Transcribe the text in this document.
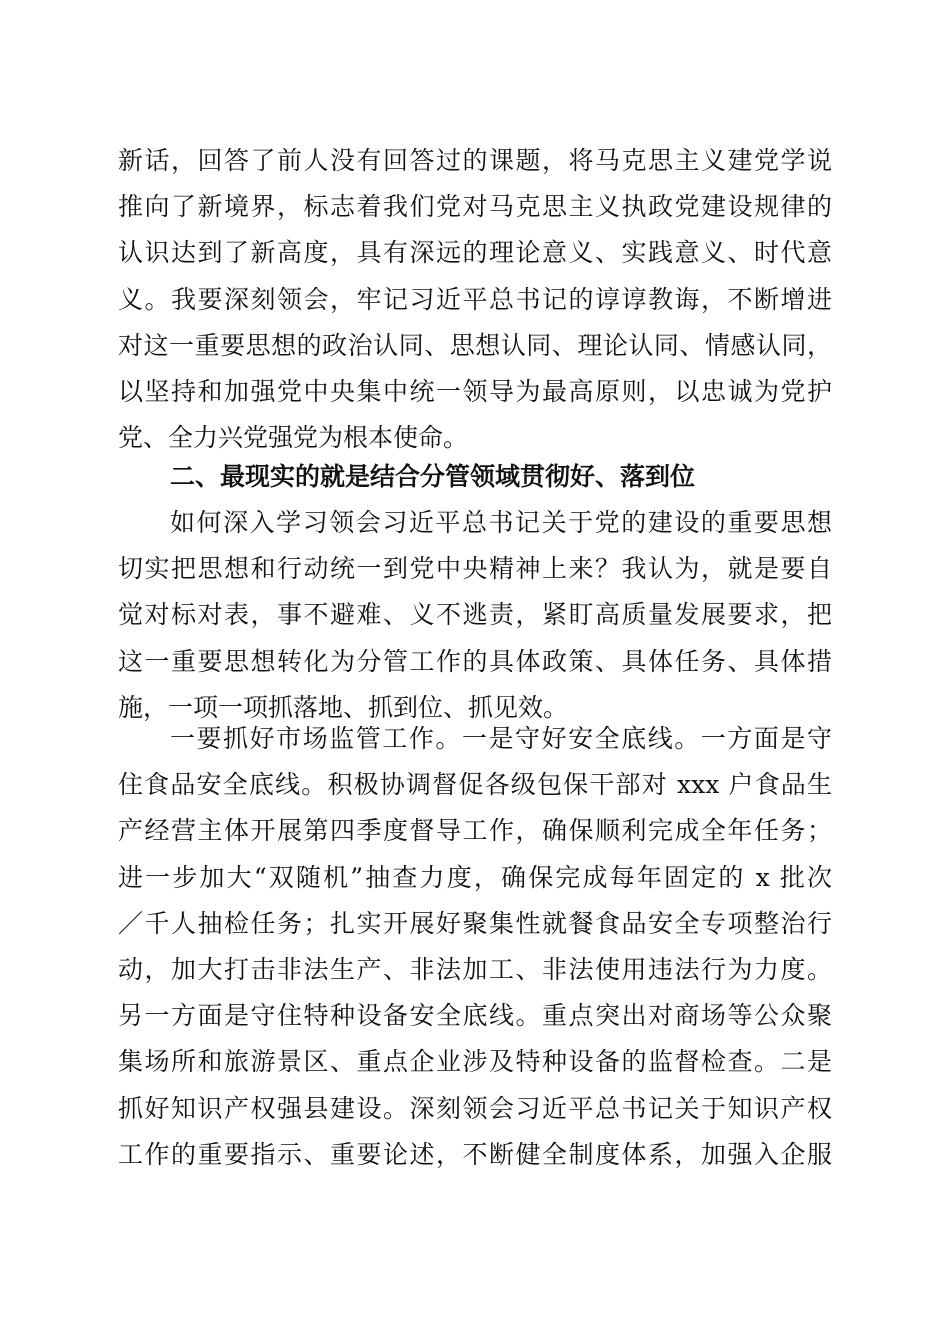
新话，回答了前人没有回答过的课题，将马克思主义建党学说
推向了新境界，标志着我们党对马克思主义执政党建设规律的
认识达到了新高度，具有深远的理论意义、实践意义、时代意
义。我要深刻领会，牢记习近平总书记的谆谆教诲，不断增进
对这一重要思想的政治认同、思想认同、理论认同、情感认同，
以坚持和加强党中央集中统一领导为最高原则，以忠诚为党护
党、全力兴党强党为根本使命。
二、最现实的就是结合分管领域贯彻好、落到位
如何深入学习领会习近平总书记关于党的建设的重要思想
切实把思想和行动统一到党中央精神上来？我认为，就是要自
觉对标对表，事不避难、义不逃责，紧盯高质量发展要求，把
这一重要思想转化为分管工作的具体政策、具体任务、具体措
施，一项一项抓落地、抓到位、抓见效。
一要抓好市场监管工作。一是守好安全底线。一方面是守
住食品安全底线。积极协调督促各级包保干部对 xxx 户食品生
产经营主体开展第四季度督导工作，确保顺利完成全年任务；
进一步加大“双随机”抽查力度，确保完成每年固定的 x 批次
／千人抽检任务；扎实开展好聚集性就餐食品安全专项整治行
动，加大打击非法生产、非法加工、非法使用违法行为力度。
另一方面是守住特种设备安全底线。重点突出对商场等公众聚
集场所和旅游景区、重点企业涉及特种设备的监督检查。二是
抓好知识产权强县建设。深刻领会习近平总书记关于知识产权
工作的重要指示、重要论述，不断健全制度体系，加强入企服
